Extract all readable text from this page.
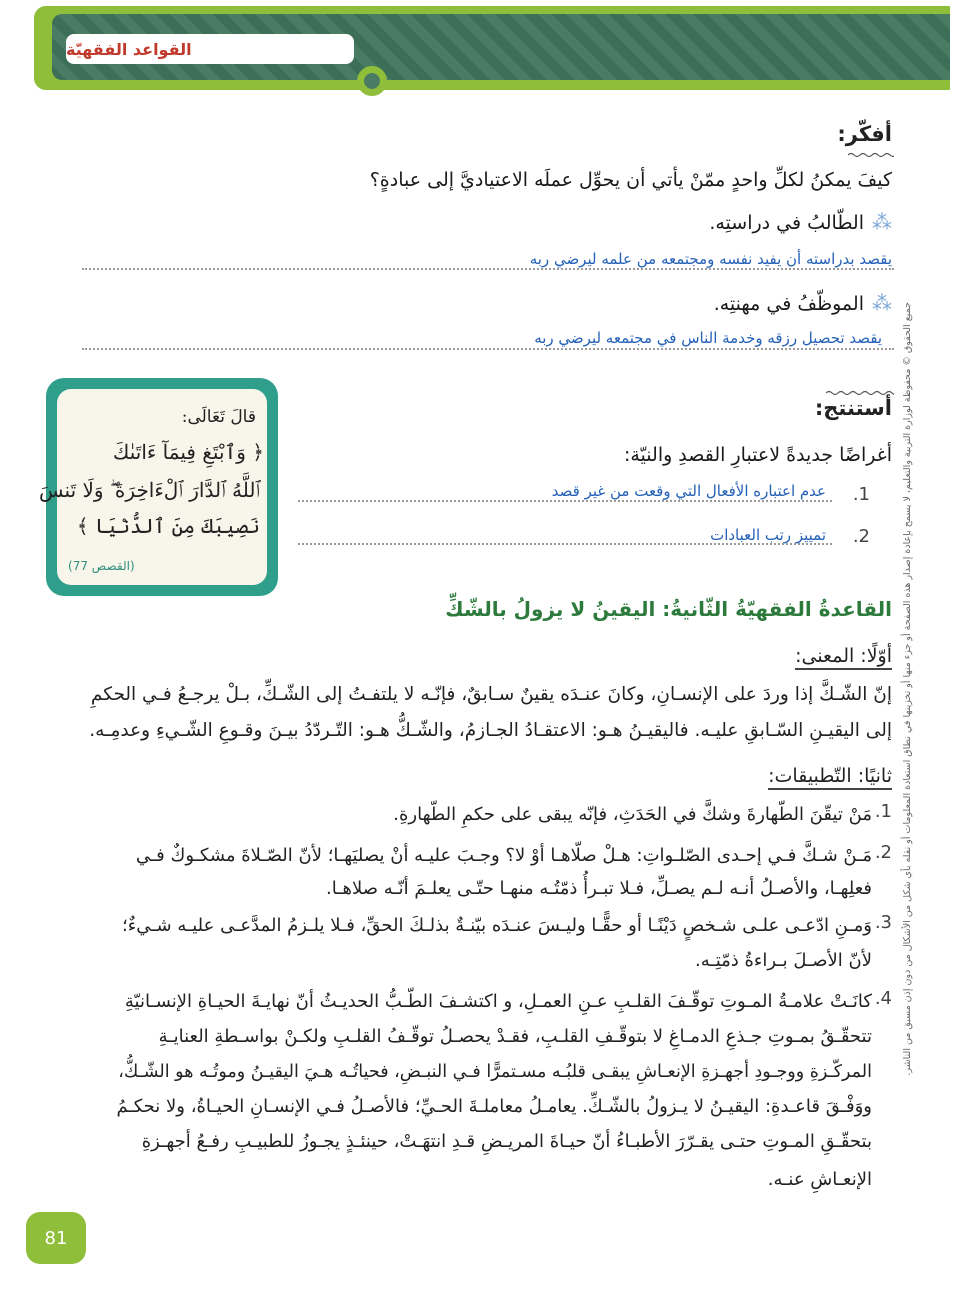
القواعد الفقهيّة
أفكّر:
كيفَ يمكنُ لكلِّ واحدٍ ممّنْ يأتي أن يحوِّل عملَه الاعتياديَّ إلى عبادةٍ؟
⁂الطّالبُ في دراستِه.
يقصد بدراسته أن يفيد نفسه ومجتمعه من علمه ليرضي ربه
⁂الموظّفُ في مهنتِه.
يقصد تحصيل رزقه وخدمة الناس في مجتمعه ليرضي ربه
أستنتج:
أغراضًا جديدةً لاعتبارِ القصدِ والنيّة:
1.
عدم اعتباره الأفعال التي وقعت من غير قصد
2.
تمييز رتب العبادات
قالَ تَعَالَى:
﴿ وَٱبْتَغِ فِيمَآ ءَاتَىٰكَ
ٱللَّهُ ٱلدَّارَ ٱلْءَاخِرَةَ ۖ وَلَا تَنسَ
نَصِيبَكَ مِنَ ٱلدُّنْيَا ﴾
(القصص 77)
القاعدةُ الفقهيّةُ الثّانيةُ: اليقينُ لا يزولُ بالشّكِّ
أوّلًا: المعنى:
إنّ الشّـكَّ إذا وردَ على الإنسـانِ، وكانَ عنـدَه يقينٌ سـابقٌ، فإنّـه لا يلتفـتُ إلى الشّـكِّ، بـلْ يرجـعُ فـي الحكمِ
إلى اليقيـنِ السّـابقِ عليـه. فاليقيـنُ هـو: الاعتقـادُ الجـازمُ، والشّـكُّ هـو: التّـردّدُ بيـنَ وقـوعِ الشّـيءِ وعدمِـه.
ثانيًا: التّطبيقات:
1.
مَنْ تيقّنَ الطّهارةَ وشكَّ في الحَدَثِ، فإنّه يبقى على حكمِ الطّهارةِ.
2.
مَـنْ شـكَّ فـي إحـدى الصّلـواتِ: هـلْ صلّاهـا أوْ لا؟ وجـبَ عليـه أنْ يصليَهـا؛ لأنّ الصّـلاةَ مشكـوكٌ فـي
فعلِهـا، والأصـلُ أنـه لـم يصـلِّ، فـلا تبـرأُ ذمّتُـه منهـا حتّـى يعلـمَ أنّـه صلاهـا.
3.
وَمـنِ ادّعـى علـى شـخصٍ دَيْنًـا أو حقًّـا وليـسَ عنـدَه بيّنـةٌ بذلـكَ الحقِّ، فـلا يلـزمُ المدَّعـى عليـه شـيءٌ؛
لأنّ الأصـلَ بـراءةُ ذمّتِـه.
4.
كانَـتْ علامـةُ المـوتِ توقّـفَ القلـبِ عـنِ العمـلِ، و اكتشـفَ الطّـبُّ الحديـثُ أنّ نهايـةَ الحيـاةِ الإنسـانيّةِ
تتحقّـقُ بمـوتِ جـذعِ الدمـاغِ لا بتوقّـفِ القلـبِ، فقـدْ يحصـلُ توقّـفُ القلـبِ ولكـنْ بواسـطةِ العنايـةِ
المركّـزةِ ووجـودِ أجهـزةِ الإنعـاشِ يبقـى قلبُـه مسـتمرًّا فـي النبـضِ، فحياتُـه هـيَ اليقيـنُ وموتُـه هو الشّـكُّ،
ووَفْـقَ قاعـدةِ: اليقيـنُ لا يـزولُ بالشّـكِّ. يعامـلُ معاملـةَ الحـيِّ؛ فالأصـلُ فـي الإنسـانِ الحيـاةُ، ولا نحكـمُ
بتحقّـقِ المـوتِ حتـى يقـرّرَ الأطبـاءُ أنّ حيـاةَ المريـضِ قـدِ انتهَـتْ، حينئـذٍ يجـوزُ للطبيـبِ رفـعُ أجهـزةِ
الإنعـاشِ عنـه.
جميع الحقوق © محفوظة لوزارة التربية والتعليم، لا يسمح بإعادة إصدار هذه الصفحة أو جزء منها أو تخزينها في نطاق استعادة المعلومات أو نقله بأي شكل من الأشكال من دون إذن مسبق من الناشر.
81
